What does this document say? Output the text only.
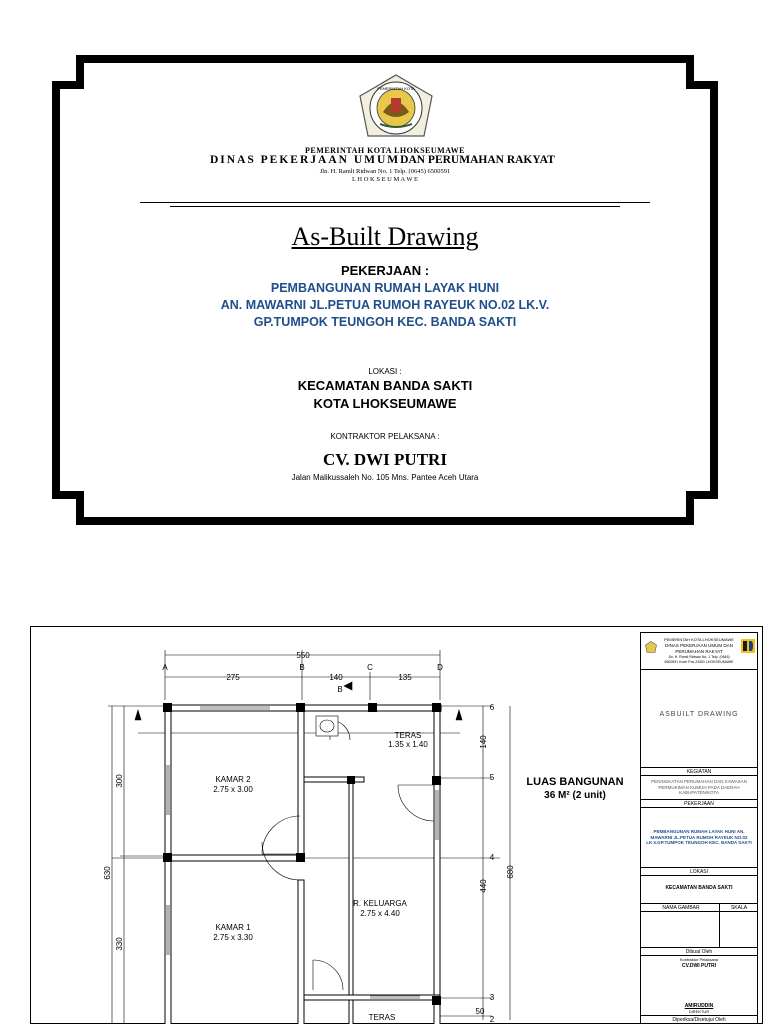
PEMERINTAH KOTA
PEMERINTAH KOTA LHOKSEUMAWE
DINAS PEKERJAAN UMUMDAN PERUMAHAN RAKYAT
Jln. H. Ramli Ridwan No. 1 Telp. (0645) 6500591
L H O K S E U M A W E
As-Built Drawing
PEKERJAAN :
PEMBANGUNAN RUMAH LAYAK HUNI
AN. MAWARNI JL.PETUA RUMOH RAYEUK NO.02 LK.V.
GP.TUMPOK TEUNGOH KEC. BANDA SAKTI
LOKASI :
KECAMATAN BANDA SAKTI
KOTA LHOKSEUMAWE
KONTRAKTOR PELAKSANA :
CV. DWI PUTRI
Jalan Malikussaleh No. 105 Mns. Pantee Aceh Utara
A	B	C	D
550
275	140	135
B
A	A
KAMAR 2
2.75 x 3.00
KAMAR 1
2.75 x 3.30
TERAS
1.35 x 1.40
R. KELUARGA
2.75 x 4.40
TERAS
6
5
4
3
2
50
300
330
630
140
440
680
LUAS BANGUNAN
36 M² (2 unit)
PEMERINTAH KOTA LHOKSEUMAWE
DINAS PEKERJAAN UMUM DAN
PERUMAHAN RAKYAT
Jln. H. Ramli Ridwan No. 1 Telp. (0645)
6500591 Kode Pos 24351 LHOKSEUMAWE
ASBUILT DRAWING
KEGIATAN
PENINGKATAN PERUMAHAN DAN KAWASAN PERMUKIMAN KUMUH PADA DAERAH KABUPATEN/KOTA
PEKERJAAN
PEMBANGUNAN RUMAH LAYAK HUNI AN. MAWARNI JL.PETUA RUMOH RAYEUK NO.02 LK.V.GP.TUMPOK TEUNGOH KEC. BANDA SAKTI
LOKASI
KECAMATAN BANDA SAKTI
NAMA GAMBAR	SKALA
Dibuat Oleh
Kontraktor Pelaksana
CV.DWI PUTRI
AMIRUDDIN
DIREKTUR
Diperiksa/Disetujui Oleh
